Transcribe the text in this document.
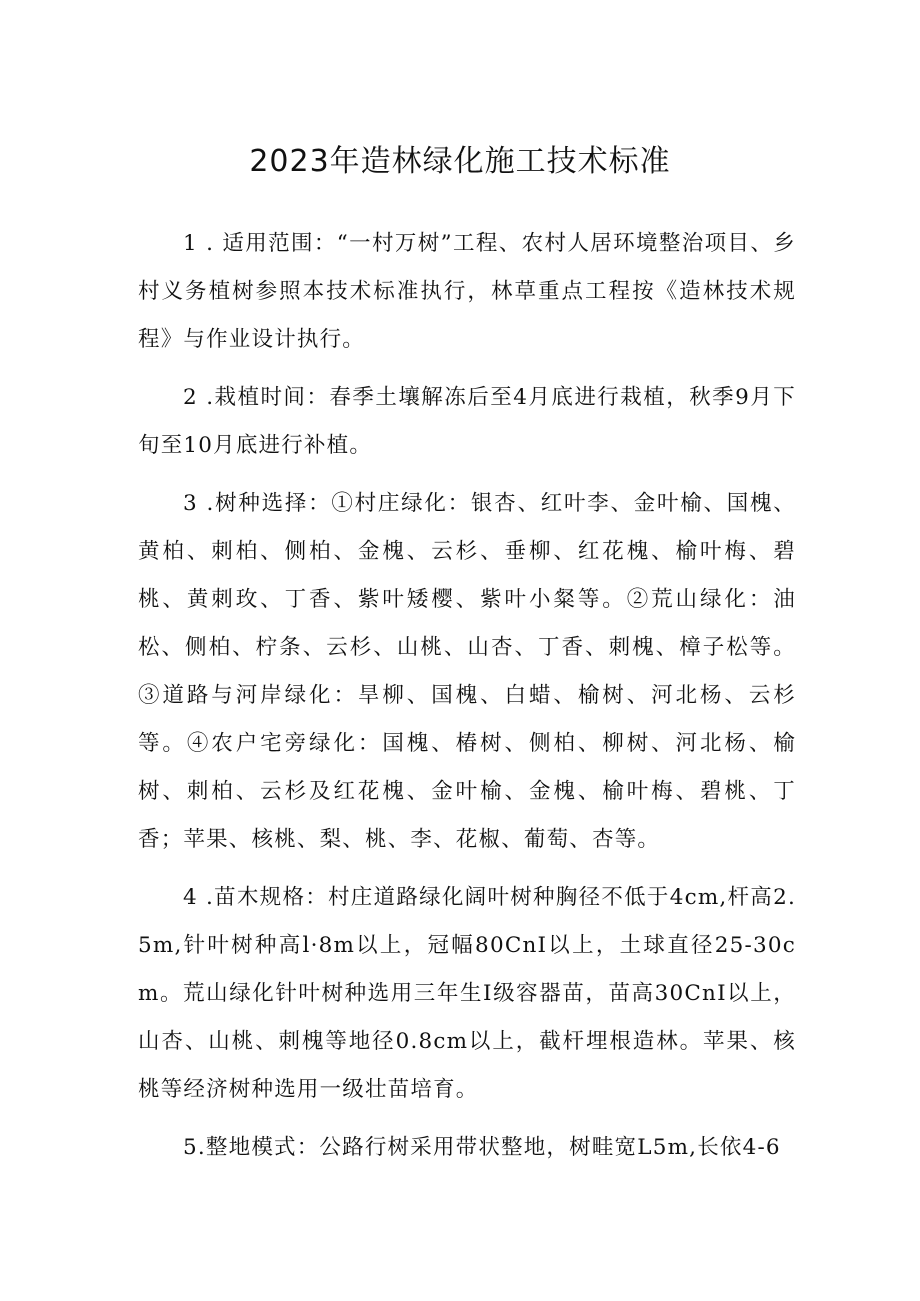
2023年造林绿化施工技术标准

1 . 适用范围：“一村万树”工程、农村人居环境整治项目、乡村义务植树参照本技术标准执行，林草重点工程按《造林技术规程》与作业设计执行。

2 .栽植时间：春季土壤解冻后至4月底进行栽植，秋季9月下旬至10月底进行补植。

3 .树种选择：①村庄绿化：银杏、红叶李、金叶榆、国槐、黄柏、刺柏、侧柏、金槐、云杉、垂柳、红花槐、榆叶梅、碧桃、黄刺玫、丁香、紫叶矮樱、紫叶小粲等。②荒山绿化：油松、侧柏、柠条、云杉、山桃、山杏、丁香、刺槐、樟子松等。③道路与河岸绿化：旱柳、国槐、白蜡、榆树、河北杨、云杉等。④农户宅旁绿化：国槐、椿树、侧柏、柳树、河北杨、榆树、刺柏、云杉及红花槐、金叶榆、金槐、榆叶梅、碧桃、丁香；苹果、核桃、梨、桃、李、花椒、葡萄、杏等。

4 .苗木规格：村庄道路绿化阔叶树种胸径不低于4cm,杆高2.5m,针叶树种高l·8m以上，冠幅80CnI以上，土球直径25-30cm。荒山绿化针叶树种选用三年生I级容器苗，苗高30CnI以上，山杏、山桃、刺槐等地径0.8cm以上，截杆埋根造林。苹果、核桃等经济树种选用一级壮苗培育。

5.整地模式：公路行树采用带状整地，树畦宽L5m,长依4-6
